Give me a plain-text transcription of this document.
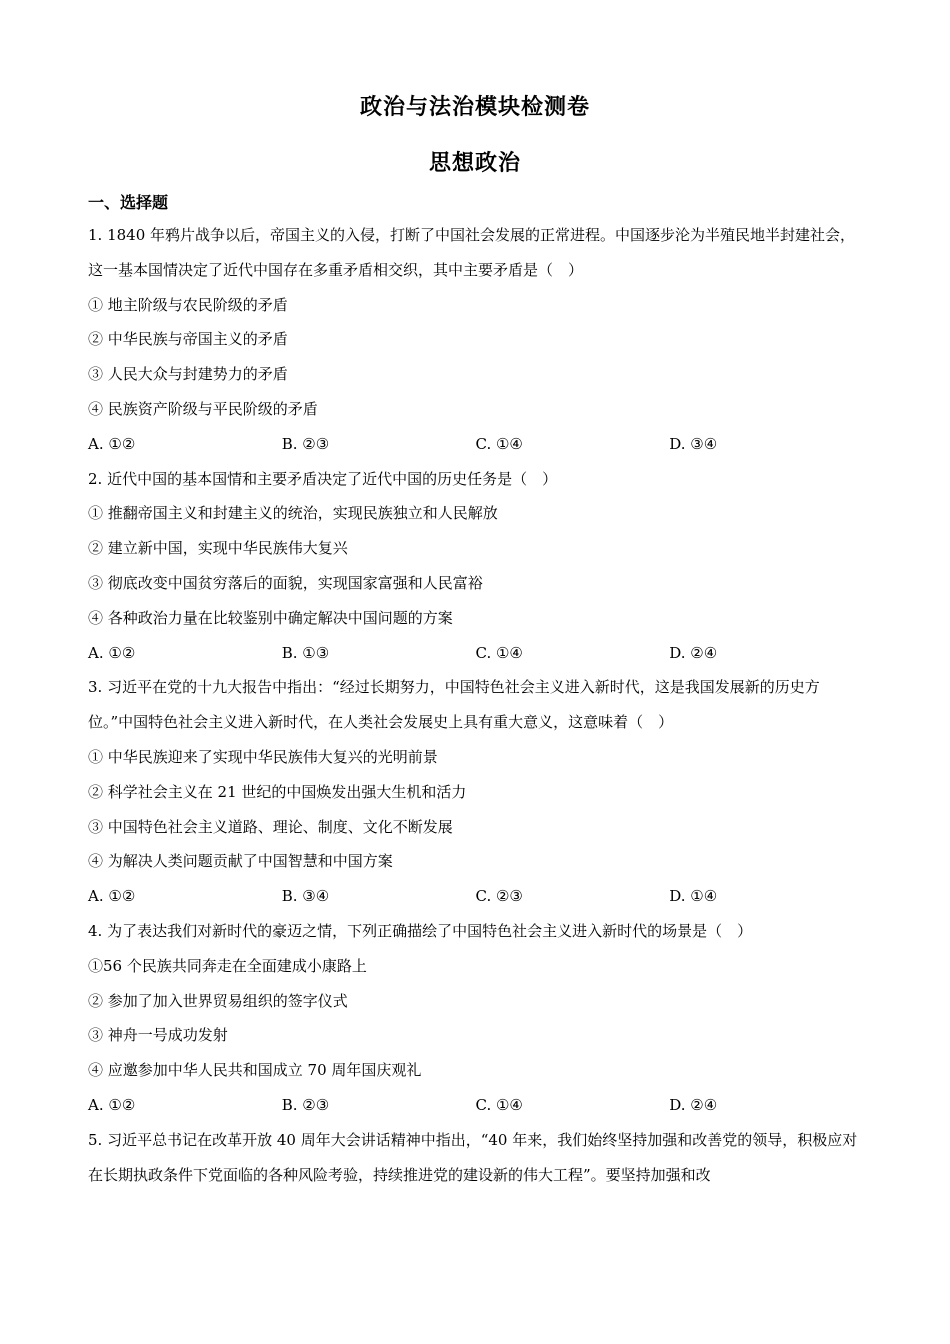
政治与法治模块检测卷
思想政治
一、选择题
1. 1840 年鸦片战争以后，帝国主义的入侵，打断了中国社会发展的正常进程。中国逐步沦为半殖民地半封建社会，这一基本国情决定了近代中国存在多重矛盾相交织，其中主要矛盾是（　）
① 地主阶级与农民阶级的矛盾
② 中华民族与帝国主义的矛盾
③ 人民大众与封建势力的矛盾
④ 民族资产阶级与平民阶级的矛盾
A. ①②	B. ②③	C. ①④	D. ③④
2. 近代中国的基本国情和主要矛盾决定了近代中国的历史任务是（　）
① 推翻帝国主义和封建主义的统治，实现民族独立和人民解放
② 建立新中国，实现中华民族伟大复兴
③ 彻底改变中国贫穷落后的面貌，实现国家富强和人民富裕
④ 各种政治力量在比较鉴别中确定解决中国问题的方案
A. ①②	B. ①③	C. ①④	D. ②④
3. 习近平在党的十九大报告中指出：“经过长期努力，中国特色社会主义进入新时代，这是我国发展新的历史方位。”中国特色社会主义进入新时代，在人类社会发展史上具有重大意义，这意味着（　）
① 中华民族迎来了实现中华民族伟大复兴的光明前景
② 科学社会主义在 21 世纪的中国焕发出强大生机和活力
③ 中国特色社会主义道路、理论、制度、文化不断发展
④ 为解决人类问题贡献了中国智慧和中国方案
A. ①②	B. ③④	C. ②③	D. ①④
4. 为了表达我们对新时代的豪迈之情，下列正确描绘了中国特色社会主义进入新时代的场景是（　）
①56 个民族共同奔走在全面建成小康路上
② 参加了加入世界贸易组织的签字仪式
③ 神舟一号成功发射
④ 应邀参加中华人民共和国成立 70 周年国庆观礼
A. ①②	B. ②③	C. ①④	D. ②④
5. 习近平总书记在改革开放 40 周年大会讲话精神中指出，“40 年来，我们始终坚持加强和改善党的领导，积极应对在长期执政条件下党面临的各种风险考验，持续推进党的建设新的伟大工程”。要坚持加强和改
